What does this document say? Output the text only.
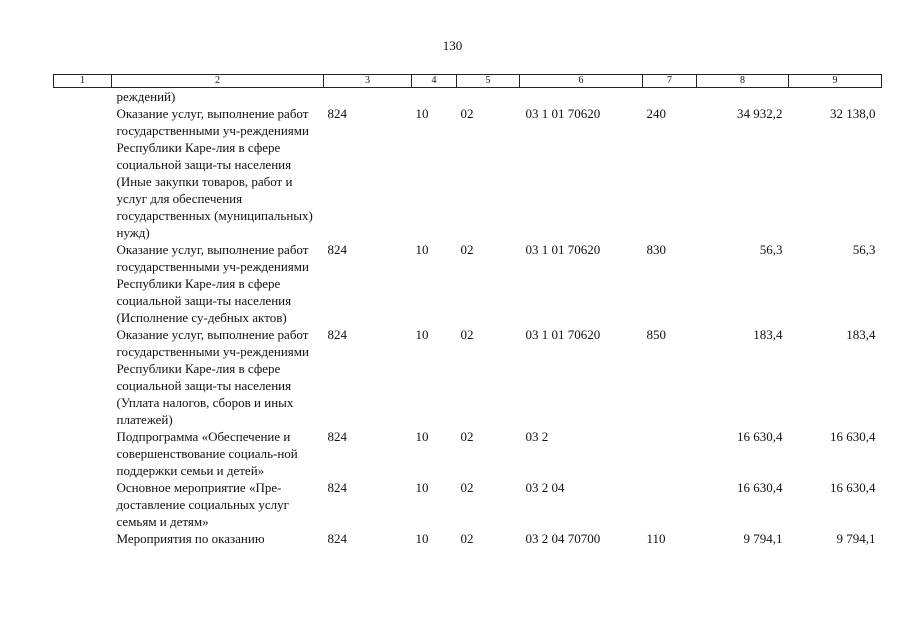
130
1	2	3	4	5	6	7	8	9
	реждений)							
	Оказание услуг, выполнение работ государственными уч-реждениями Республики Каре-лия в сфере социальной защи-ты населения (Иные закупки товаров, работ и услуг для обеспечения государственных (муниципальных) нужд)	824	10	02	03 1 01 70620	240	34 932,2	32 138,0
	Оказание услуг, выполнение работ государственными уч-реждениями Республики Каре-лия в сфере социальной защи-ты населения (Исполнение су-дебных актов)	824	10	02	03 1 01 70620	830	56,3	56,3
	Оказание услуг, выполнение работ государственными уч-реждениями Республики Каре-лия в сфере социальной защи-ты населения (Уплата налогов, сборов и иных платежей)	824	10	02	03 1 01 70620	850	183,4	183,4
	Подпрограмма «Обеспечение и совершенствование социаль-ной поддержки семьи и детей»	824	10	02	03 2		16 630,4	16 630,4
	Основное мероприятие «Пре-доставление социальных услуг семьям и детям»	824	10	02	03 2 04		16 630,4	16 630,4
	Мероприятия по оказанию	824	10	02	03 2 04 70700	110	9 794,1	9 794,1
